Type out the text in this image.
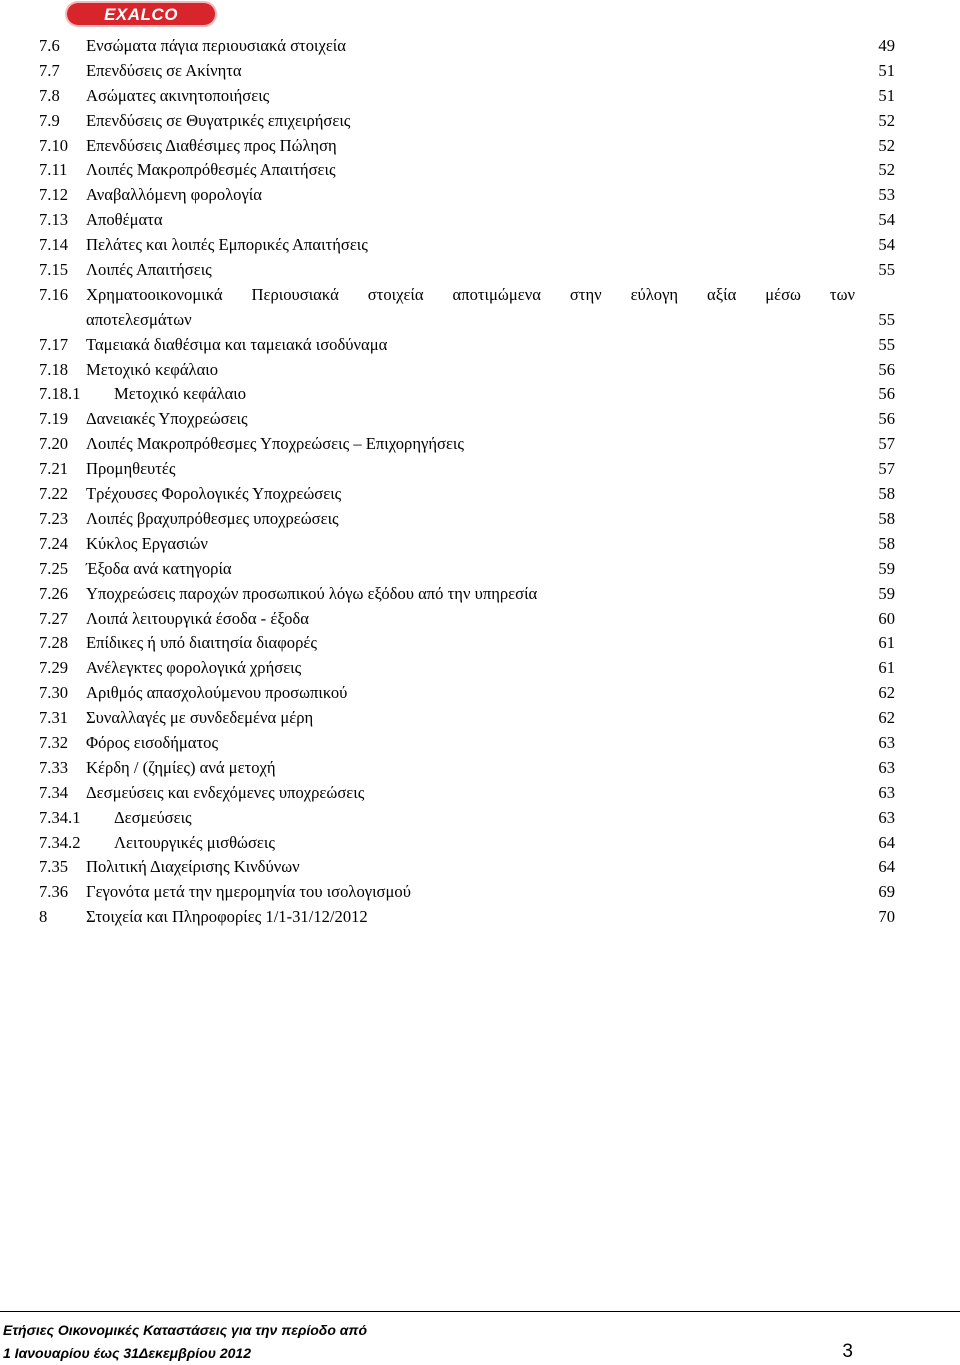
EXALCO
7.6 Ενσώματα πάγια περιουσιακά στοιχεία	49
7.7 Επενδύσεις σε Ακίνητα	51
7.8 Ασώματες ακινητοποιήσεις	51
7.9 Επενδύσεις σε Θυγατρικές επιχειρήσεις	52
7.10 Επενδύσεις Διαθέσιμες προς Πώληση	52
7.11 Λοιπές Μακροπρόθεσμές Απαιτήσεις	52
7.12 Αναβαλλόμενη φορολογία	53
7.13 Αποθέματα	54
7.14 Πελάτες και λοιπές Εμπορικές Απαιτήσεις	54
7.15 Λοιπές Απαιτήσεις	55
7.16 Χρηματοοικονομικά Περιουσιακά στοιχεία αποτιμώμενα στην εύλογη αξία μέσω των
αποτελεσμάτων	55
7.17 Ταμειακά διαθέσιμα και ταμειακά ισοδύναμα	55
7.18 Μετοχικό κεφάλαιο	56
7.18.1 Μετοχικό κεφάλαιο	56
7.19 Δανειακές Υποχρεώσεις	56
7.20 Λοιπές Μακροπρόθεσμες Υποχρεώσεις – Επιχορηγήσεις	57
7.21 Προμηθευτές	57
7.22 Τρέχουσες Φορολογικές Υποχρεώσεις	58
7.23 Λοιπές βραχυπρόθεσμες υποχρεώσεις	58
7.24 Κύκλος Εργασιών	58
7.25 Έξοδα ανά κατηγορία	59
7.26 Υποχρεώσεις παροχών προσωπικού λόγω εξόδου από την υπηρεσία	59
7.27 Λοιπά λειτουργικά έσοδα - έξοδα	60
7.28 Επίδικες ή υπό διαιτησία διαφορές	61
7.29 Ανέλεγκτες φορολογικά χρήσεις	61
7.30 Αριθμός απασχολούμενου προσωπικού	62
7.31 Συναλλαγές με συνδεδεμένα μέρη	62
7.32 Φόρος εισοδήματος	63
7.33 Κέρδη / (ζημίες) ανά μετοχή	63
7.34 Δεσμεύσεις και ενδεχόμενες υποχρεώσεις	63
7.34.1 Δεσμεύσεις	63
7.34.2 Λειτουργικές μισθώσεις	64
7.35 Πολιτική Διαχείρισης Κινδύνων	64
7.36 Γεγονότα μετά την ημερομηνία του ισολογισμού	69
8 Στοιχεία και Πληροφορίες 1/1-31/12/2012	70
Ετήσιες Οικονομικές Καταστάσεις για την περίοδο από
1 Ιανουαρίου έως 31Δεκεμβρίου 2012	3
